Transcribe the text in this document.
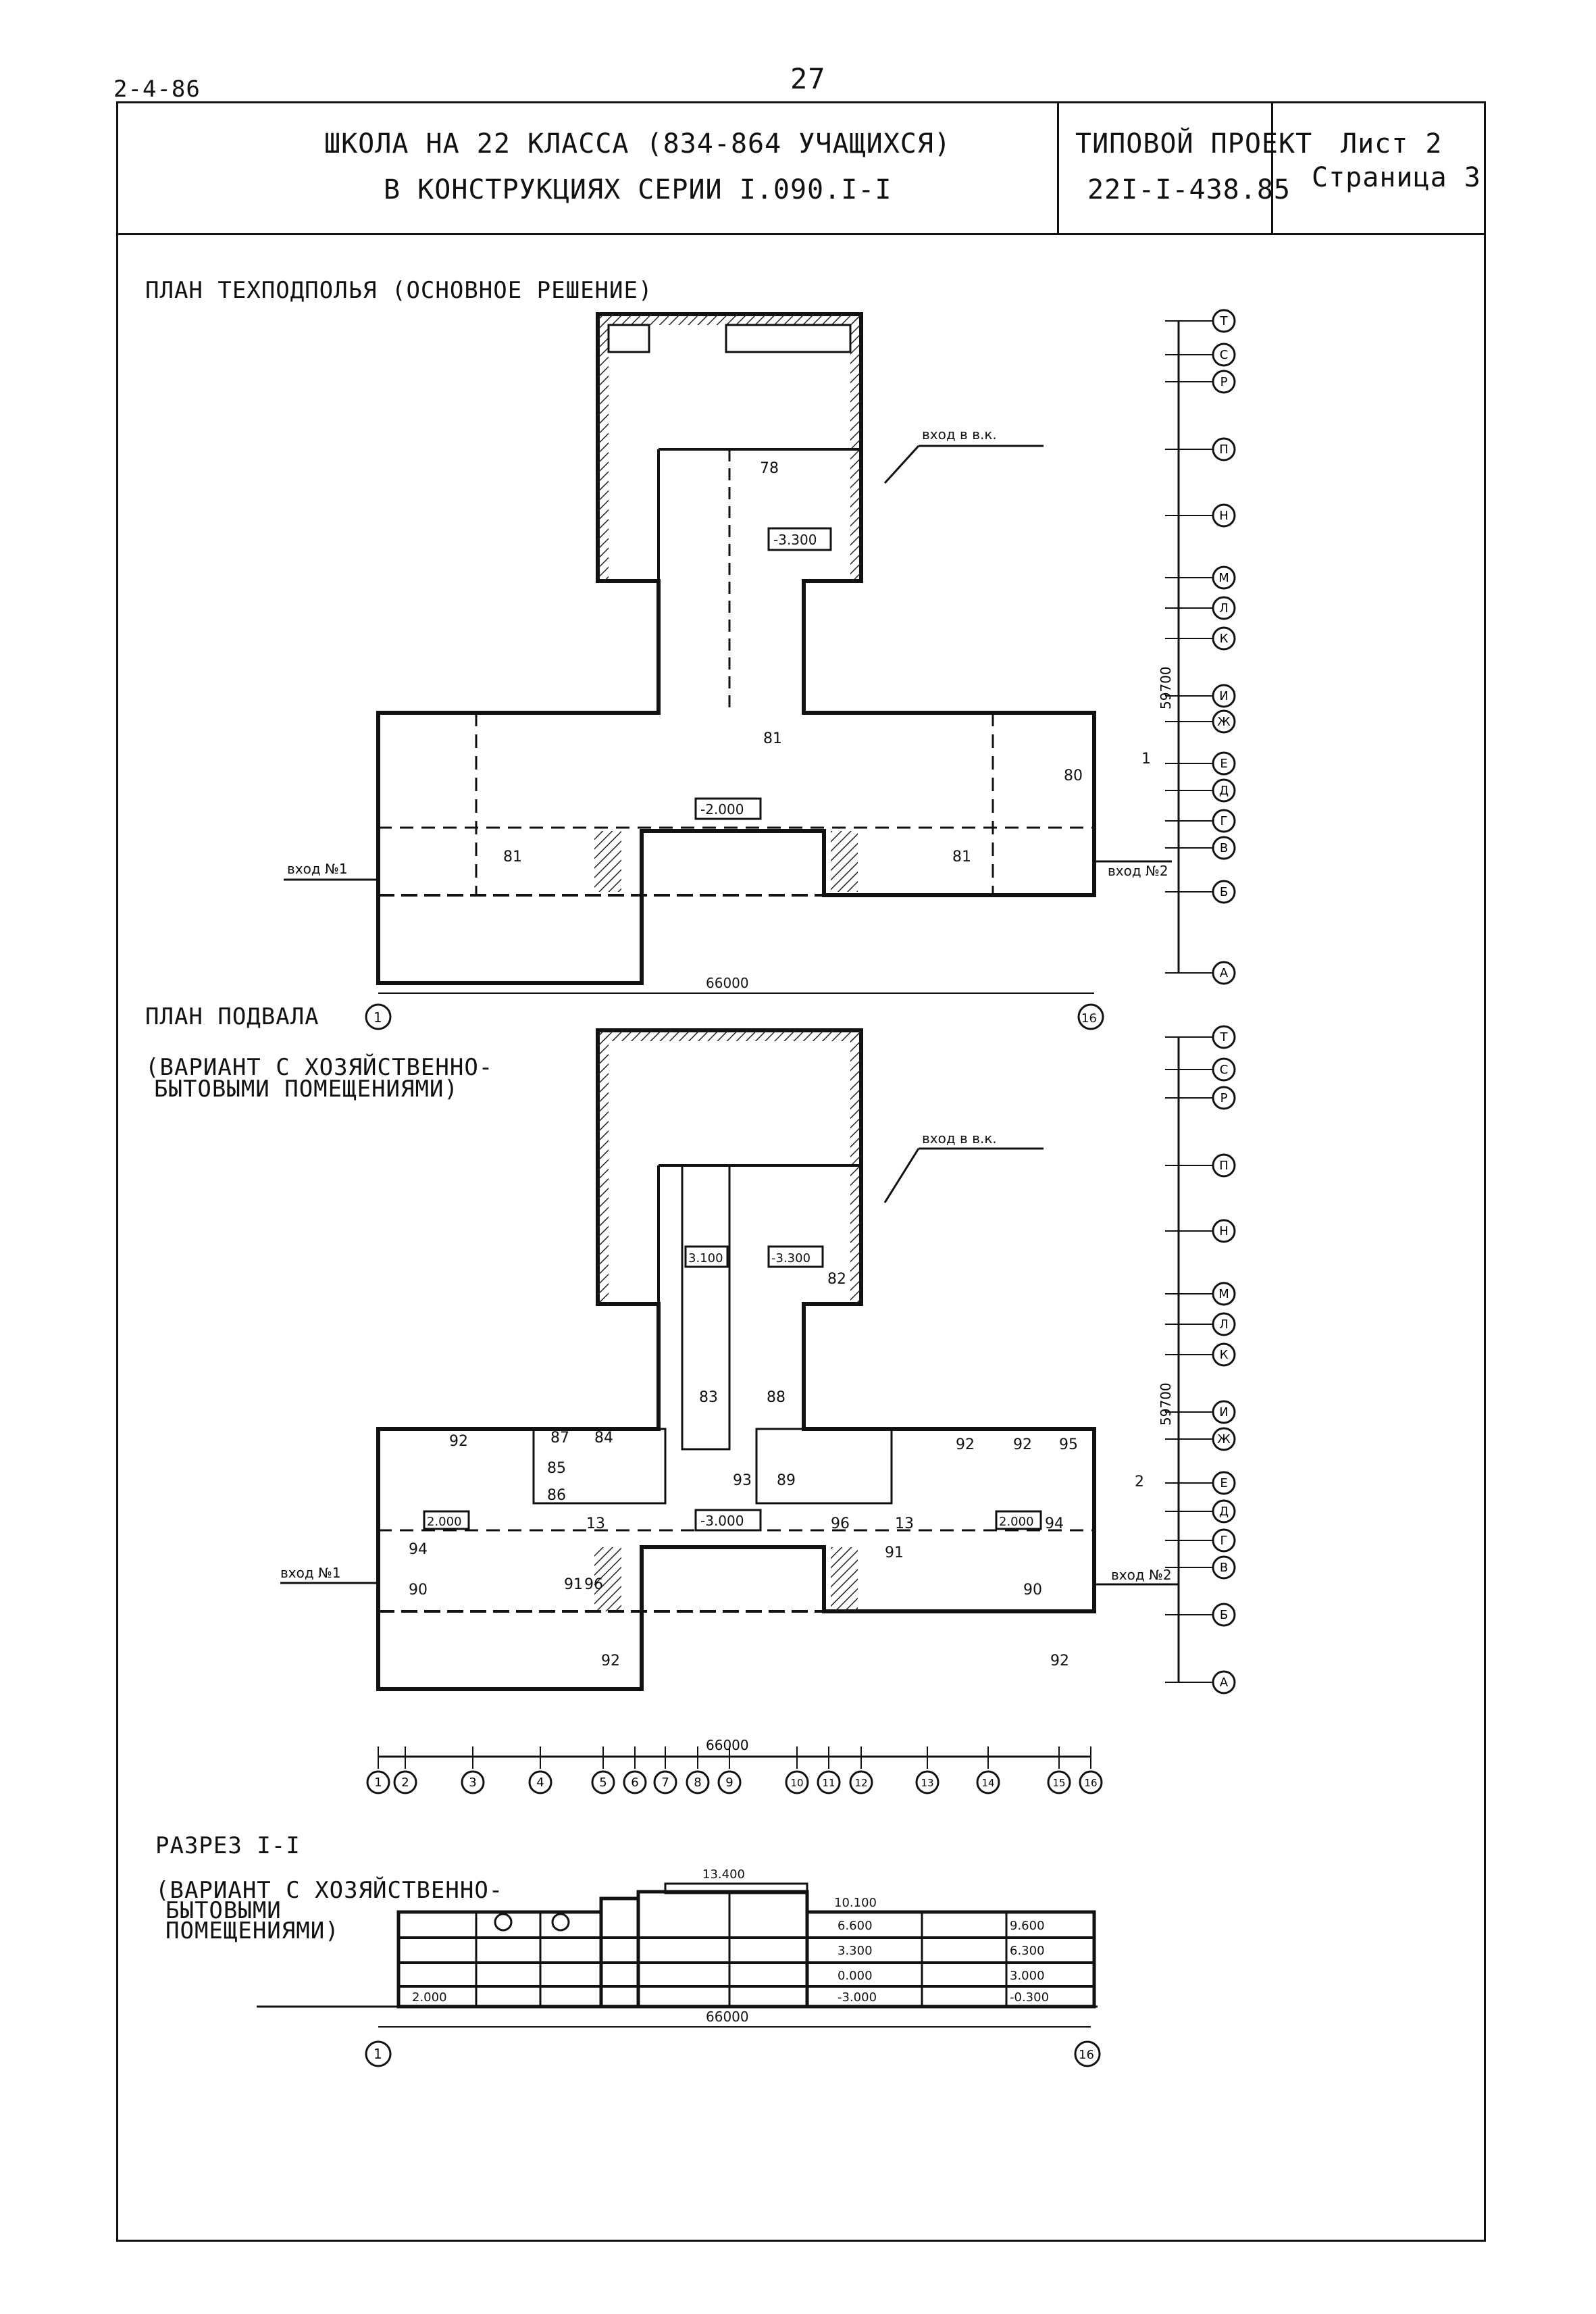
2-4-86	27
ШКОЛА НА 22 КЛАССА (834-864 УЧАЩИХСЯ)
В КОНСТРУКЦИЯХ СЕРИИ I.090.I-I
ТИПОВОЙ ПРОЕКТ
22I-I-438.85
Лист 2
Страница 3
ПЛАН ТЕХПОДПОЛЬЯ (ОСНОВНОЕ РЕШЕНИЕ)
ПЛАН ПОДВАЛА
(ВАРИАНТ С ХОЗЯЙСТВЕННО-
БЫТОВЫМИ ПОМЕЩЕНИЯМИ)
РАЗРЕЗ I-I
(ВАРИАНТ С ХОЗЯЙСТВЕННО-
БЫТОВЫМИ
ПОМЕЩЕНИЯМИ)
78
81
81	81
80
-3.300
-2.000
вход в в.к.
вход №1	вход №2
1
66000
1	16
59700
Т
С
Р
П
Н
М
Л
К
И
Ж
Е
Д
Г
В
Б
А
3.100	-3.300
-3.000
2.000	2.000
82
83	88
92	87 84
85
86
93 89
92	92 95
13	13
96
96
94
94
91
91
90	90
92	92
вход в в.к.
вход №1	вход №2
2
59700
Т
С
Р
П
Н
М
Л
К
И
Ж
Е
Д
Г
В
Б
А
66000
1 2	3	4	5 6 7 8 9	10 11 12	13	14	15 16
13.400
10.100
6.600
3.300
0.000
-3.000
9.600
6.300
3.000
-0.300
2.000
66000
1	16
